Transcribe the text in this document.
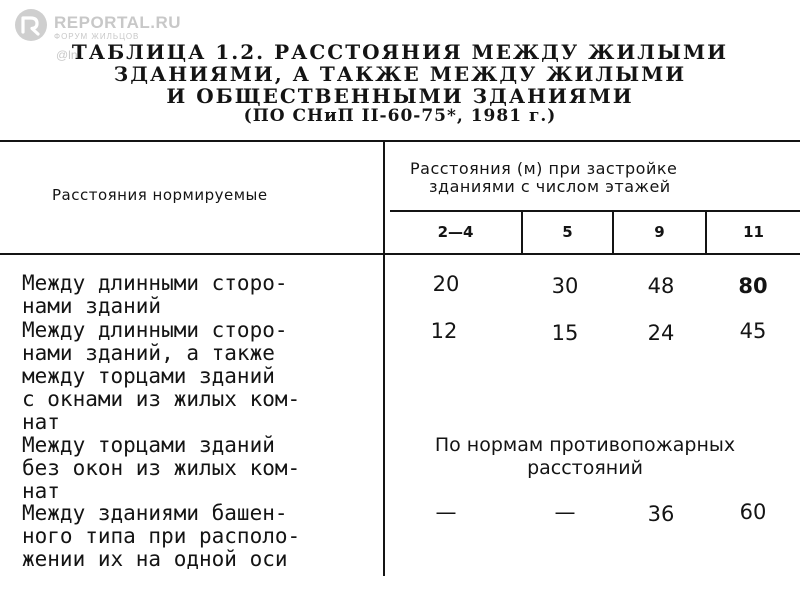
REPORTAL.RU
ФОРУМ ЖИЛЬЦОВ
@ln
ТАБЛИЦА 1.2. РАССТОЯНИЯ МЕЖДУ ЖИЛЫМИ
ЗДАНИЯМИ, А ТАКЖЕ МЕЖДУ ЖИЛЫМИ
И ОБЩЕСТВЕННЫМИ ЗДАНИЯМИ
(ПО СНиП II-60-75*, 1981 г.)
Расстояния нормируемые
Расстояния (м) при застройке
зданиями с числом этажей
2—4	5	9	11
Между длинными сторо-
нами зданий
20	30	48	80
Между длинными сторо-
нами зданий, а также
между торцами зданий
с окнами из жилых ком-
нат
12	15	24	45
Между торцами зданий
без окон из жилых ком-
нат
По нормам противопожарных
расстояний
Между зданиями башен-
ного типа при располо-
жении их на одной оси
—	—	36	60
